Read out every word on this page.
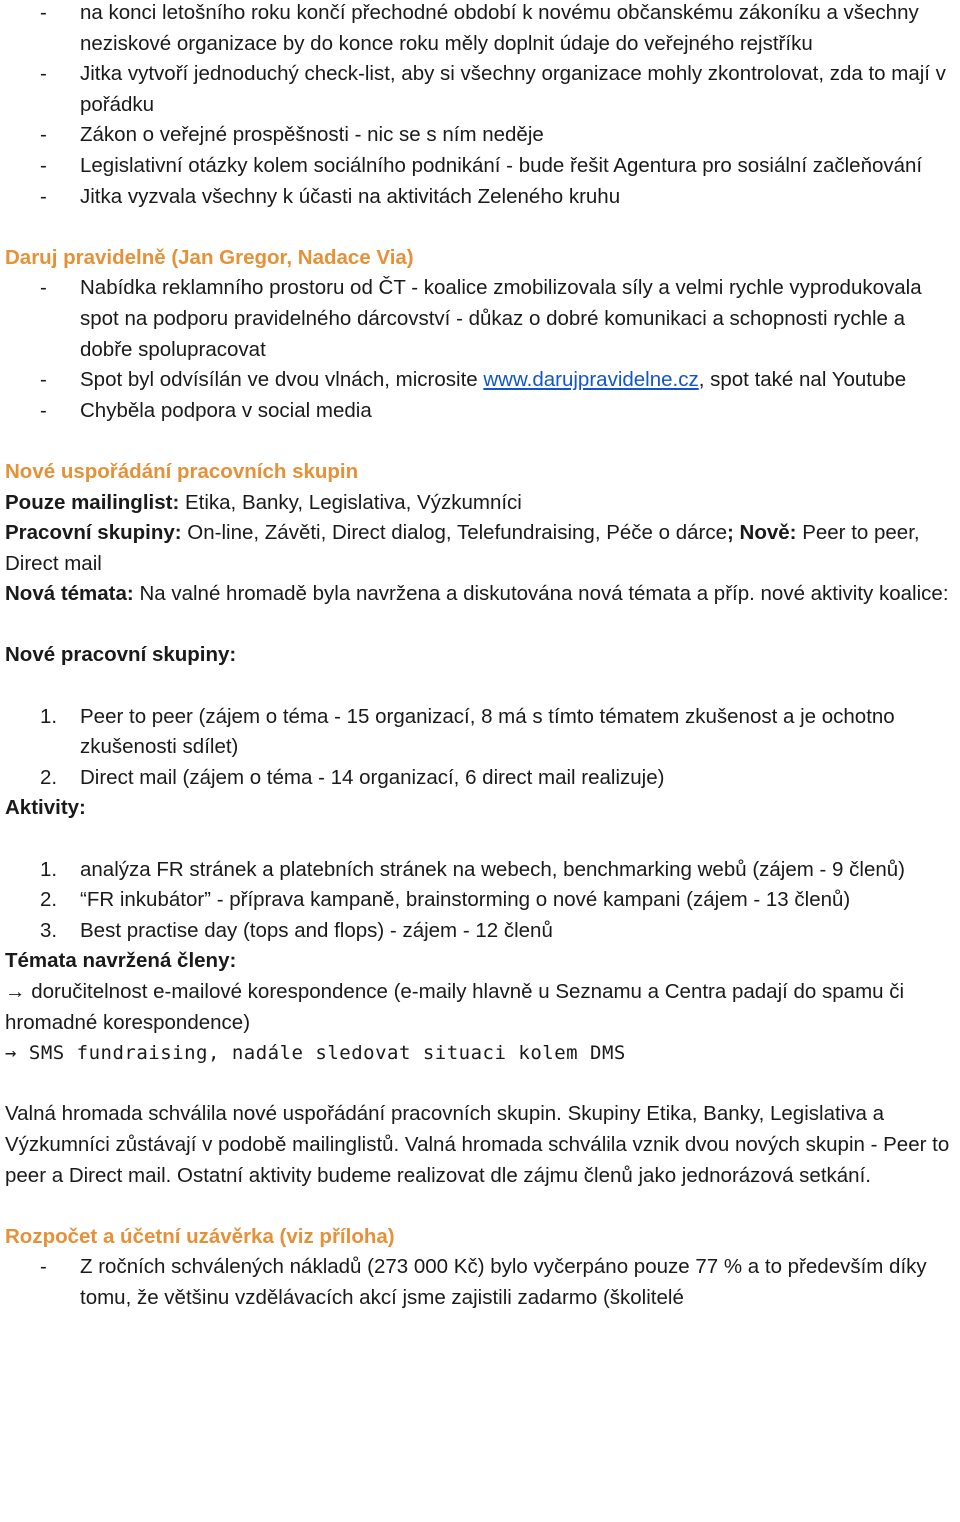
-	na konci letošního roku končí přechodné období k novému občanskému zákoníku a všechny neziskové organizace by do konce roku měly doplnit údaje do veřejného rejstříku
-	Jitka vytvoří jednoduchý check-list, aby si všechny organizace mohly zkontrolovat, zda to mají v pořádku
-	Zákon o veřejné prospěšnosti - nic se s ním neděje
-	Legislativní otázky kolem sociálního podnikání - bude řešit Agentura pro sosiální začleňování
-	Jitka vyzvala všechny k účasti na aktivitách Zeleného kruhu
Daruj pravidelně (Jan Gregor, Nadace Via)
-	Nabídka reklamního prostoru od ČT - koalice zmobilizovala síly a velmi rychle vyprodukovala spot na podporu pravidelného dárcovství - důkaz o dobré komunikaci a schopnosti rychle a dobře spolupracovat
-	Spot byl odvísílán ve dvou vlnách, microsite www.darujpravidelne.cz, spot také nal Youtube
-	Chyběla podpora v social media
Nové uspořádání pracovních skupin
Pouze mailinglist: Etika, Banky, Legislativa, Výzkumníci
Pracovní skupiny: On-line, Závěti, Direct dialog, Telefundraising, Péče o dárce; Nově: Peer to peer, Direct mail
Nová témata: Na valné hromadě byla navržena a diskutována nová témata a příp. nové aktivity koalice:
Nové pracovní skupiny:
1.	Peer to peer (zájem o téma - 15 organizací, 8 má s tímto tématem zkušenost a je ochotno zkušenosti sdílet)
2.	Direct mail (zájem o téma - 14 organizací, 6 direct mail realizuje)
Aktivity:
1.	analýza FR stránek a platebních stránek na webech, benchmarking webů (zájem - 9 členů)
2.	“FR inkubátor” - příprava kampaně, brainstorming o nové kampani (zájem - 13 členů)
3.	Best practise day (tops and flops) - zájem - 12 členů
Témata navržená členy:
→ doručitelnost e-mailové korespondence (e-maily hlavně u Seznamu a Centra padají do spamu či hromadné korespondence)
→ SMS fundraising, nadále sledovat situaci kolem DMS
Valná hromada schválila nové uspořádání pracovních skupin. Skupiny Etika, Banky, Legislativa a Výzkumníci zůstávají v podobě mailinglistů. Valná hromada schválila vznik dvou nových skupin - Peer to peer a Direct mail. Ostatní aktivity budeme realizovat dle zájmu členů jako jednorázová setkání.
Rozpočet a účetní uzávěrka (viz příloha)
-	Z ročních schválených nákladů (273 000 Kč) bylo vyčerpáno pouze 77 % a to především díky tomu, že většinu vzdělávacích akcí jsme zajistili zadarmo (školitelé
